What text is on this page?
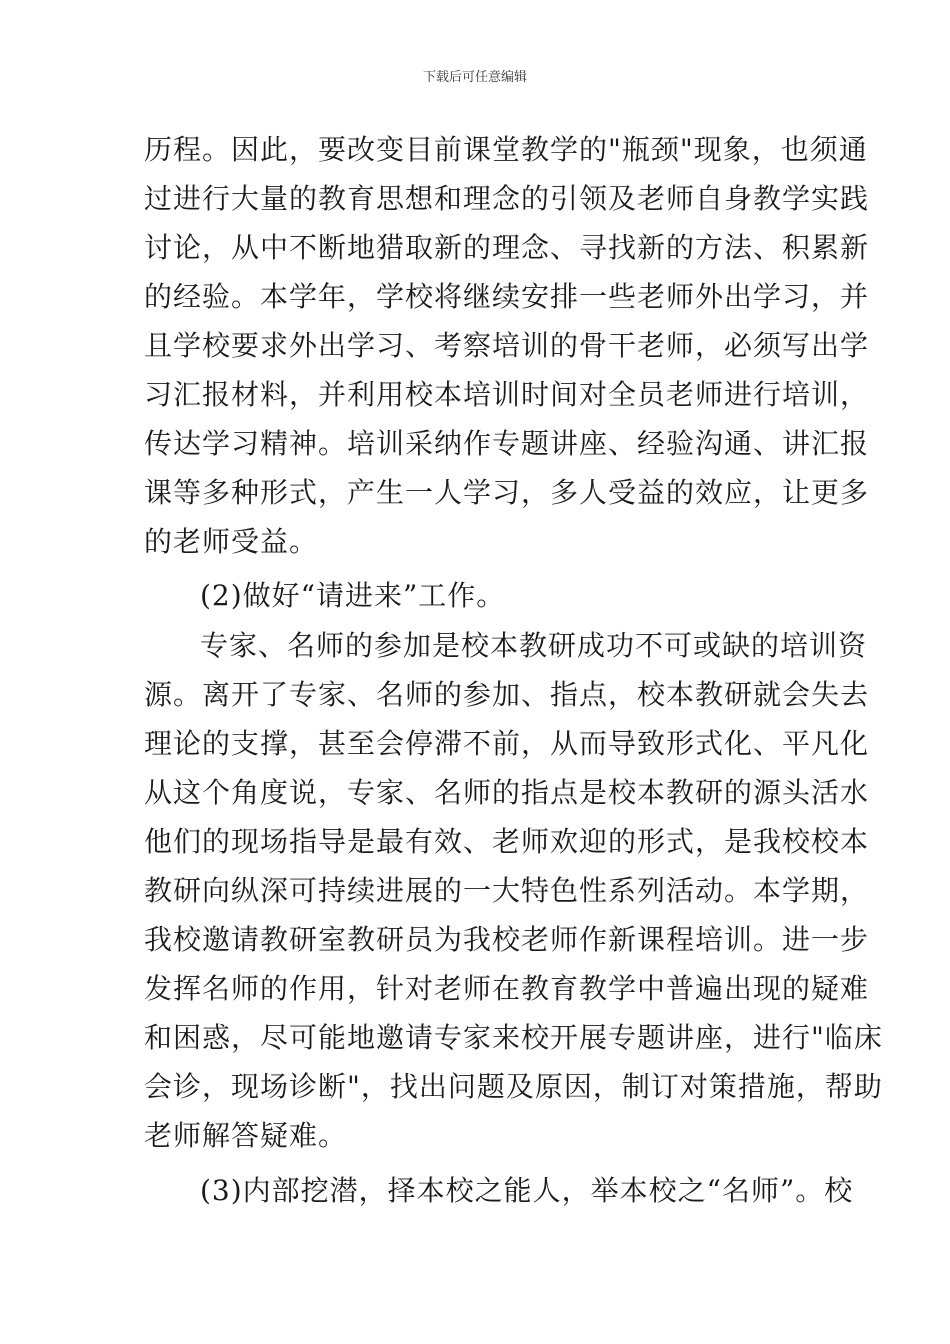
下载后可任意编辑
历程。因此，要改变目前课堂教学的"瓶颈"现象，也须通
过进行大量的教育思想和理念的引领及老师自身教学实践
讨论，从中不断地猎取新的理念、寻找新的方法、积累新
的经验。本学年，学校将继续安排一些老师外出学习，并
且学校要求外出学习、考察培训的骨干老师，必须写出学
习汇报材料，并利用校本培训时间对全员老师进行培训，
传达学习精神。培训采纳作专题讲座、经验沟通、讲汇报
课等多种形式，产生一人学习，多人受益的效应，让更多
的老师受益。
(2)做好“请进来”工作。
专家、名师的参加是校本教研成功不可或缺的培训资
源。离开了专家、名师的参加、指点，校本教研就会失去
理论的支撑，甚至会停滞不前，从而导致形式化、平凡化
从这个角度说，专家、名师的指点是校本教研的源头活水
他们的现场指导是最有效、老师欢迎的形式，是我校校本
教研向纵深可持续进展的一大特色性系列活动。本学期，
我校邀请教研室教研员为我校老师作新课程培训。进一步
发挥名师的作用，针对老师在教育教学中普遍出现的疑难
和困惑，尽可能地邀请专家来校开展专题讲座，进行"临床
会诊，现场诊断"，找出问题及原因，制订对策措施，帮助
老师解答疑难。
(3)内部挖潜，择本校之能人，举本校之“名师”。校
